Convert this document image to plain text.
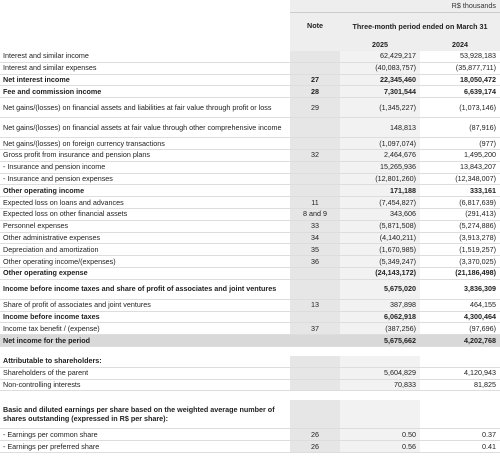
	R$ thousands		
	Note	Three-month period ended on March 31	
		2025	2024
Interest and similar income		62,429,217	53,928,183
Interest and similar expenses		(40,083,757)	(35,877,711)
Net interest income	27	22,345,460	18,050,472
Fee and commission income	28	7,301,544	6,639,174
Net gains/(losses) on financial assets and liabilities at fair value through profit or loss	29	(1,345,227)	(1,073,146)
Net gains/(losses) on financial assets at fair value through other comprehensive income		148,813	(87,916)
Net gains/(losses) on foreign currency transactions		(1,097,074)	(977)
Gross profit from insurance and pension plans	32	2,464,676	1,495,200
- Insurance and pension income		15,265,936	13,843,207
- Insurance and pension expenses		(12,801,260)	(12,348,007)
Other operating income		171,188	333,161
Expected loss on loans and advances	11	(7,454,827)	(6,817,639)
Expected loss on other financial assets	8 and 9	343,606	(291,413)
Personnel expenses	33	(5,871,508)	(5,274,886)
Other administrative expenses	34	(4,140,211)	(3,913,278)
Depreciation and amortization	35	(1,670,985)	(1,519,257)
Other operating income/(expenses)	36	(5,349,247)	(3,370,025)
Other operating expense		(24,143,172)	(21,186,498)
Income before income taxes and share of profit of associates and joint ventures		5,675,020	3,836,309
Share of profit of associates and joint ventures	13	387,898	464,155
Income before income taxes		6,062,918	4,300,464
Income tax benefit / (expense)	37	(387,256)	(97,696)
Net income for the period		5,675,662	4,202,768

Attributable to shareholders:			
Shareholders of the parent		5,604,829	4,120,943
Non-controlling interests		70,833	81,825

Basic and diluted earnings per share based on the weighted average number of shares outstanding (expressed in R$ per share):			
- Earnings per common share	26	0.50	0.37
- Earnings per preferred share	26	0.56	0.41
